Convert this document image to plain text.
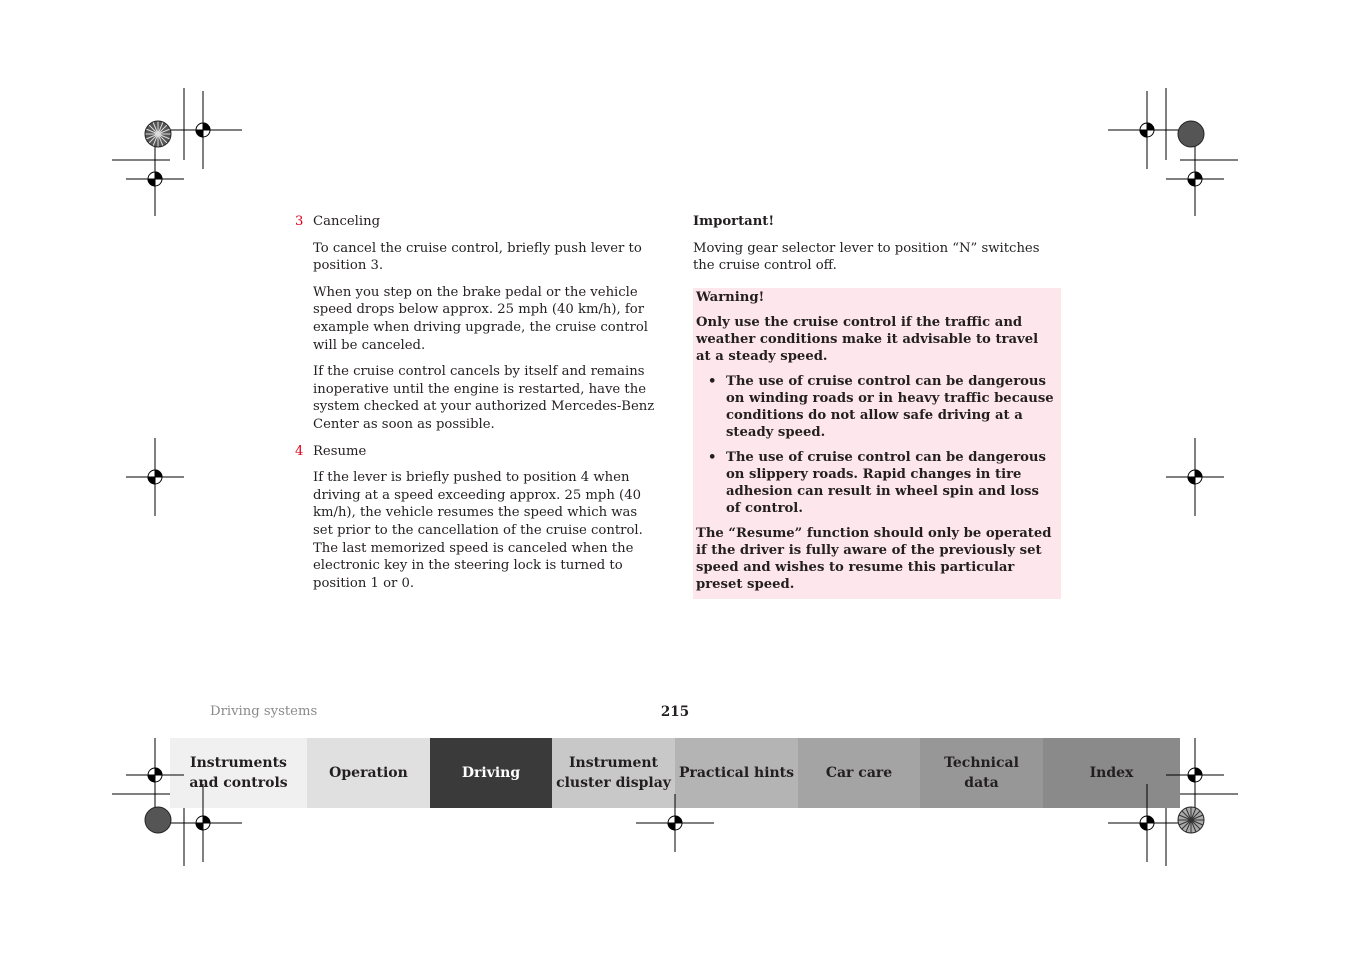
3 Canceling

To cancel the cruise control, briefly push lever to position 3.

When you step on the brake pedal or the vehicle speed drops below approx. 25 mph (40 km/h), for example when driving upgrade, the cruise control will be canceled.

If the cruise control cancels by itself and remains inoperative until the engine is restarted, have the system checked at your authorized Mercedes-Benz Center as soon as possible.

4 Resume

If the lever is briefly pushed to position 4 when driving at a speed exceeding approx. 25 mph (40 km/h), the vehicle resumes the speed which was set prior to the cancellation of the cruise control. The last memorized speed is canceled when the electronic key in the steering lock is turned to position 1 or 0.

Important!

Moving gear selector lever to position “N” switches the cruise control off.

Warning!

Only use the cruise control if the traffic and weather conditions make it advisable to travel at a steady speed.

• The use of cruise control can be dangerous on winding roads or in heavy traffic because conditions do not allow safe driving at a steady speed.
• The use of cruise control can be dangerous on slippery roads. Rapid changes in tire adhesion can result in wheel spin and loss of control.

The “Resume” function should only be operated if the driver is fully aware of the previously set speed and wishes to resume this particular preset speed.

Driving systems	215
Instruments
and controls
Operation	Driving
Instrument
cluster display
Practical hints Car care
Technical
data
Index
